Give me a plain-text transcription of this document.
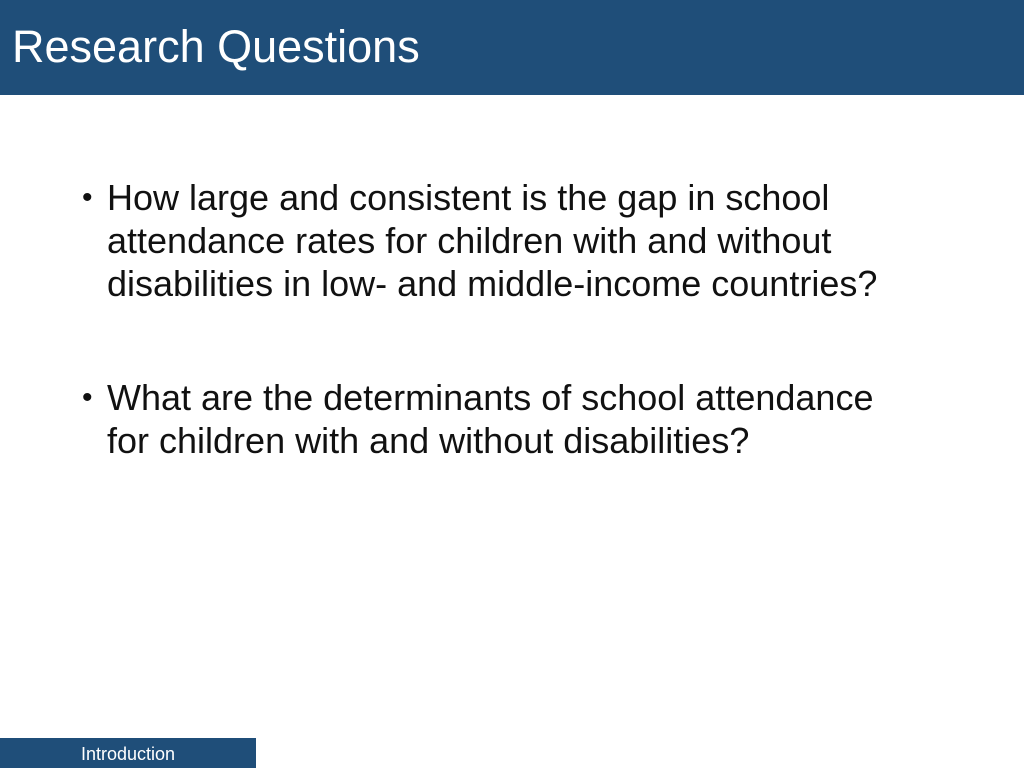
Research Questions
• How large and consistent is the gap in school attendance rates for children with and without disabilities in low- and middle-income countries?
• What are the determinants of school attendance for children with and without disabilities?
Introduction
